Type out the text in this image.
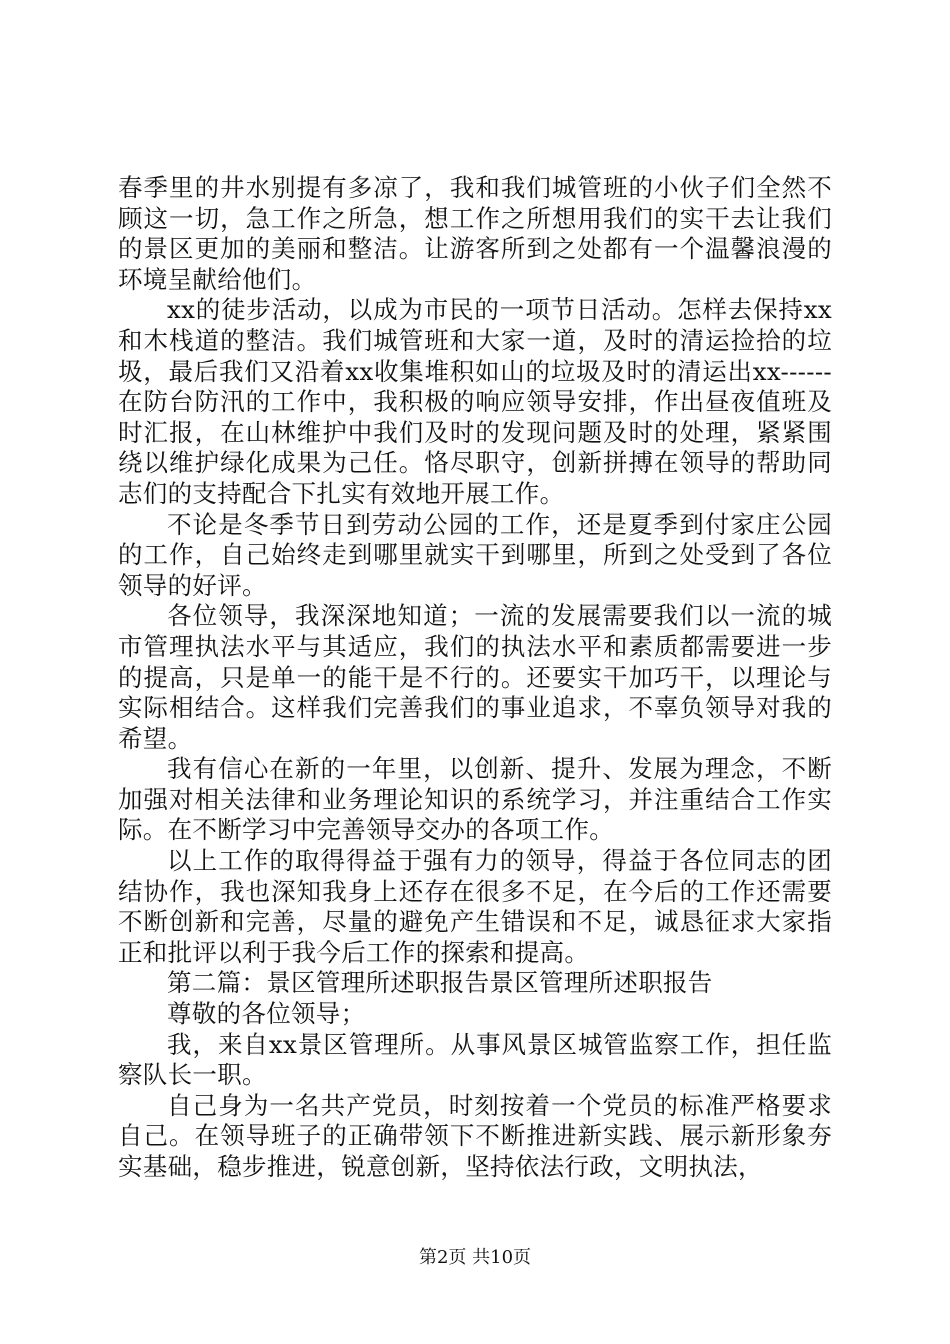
春季里的井水别提有多凉了，我和我们城管班的小伙子们全然不顾这一切，急工作之所急，想工作之所想用我们的实干去让我们的景区更加的美丽和整洁。让游客所到之处都有一个温馨浪漫的环境呈献给他们。

xx的徒步活动，以成为市民的一项节日活动。怎样去保持xx和木栈道的整洁。我们城管班和大家一道，及时的清运捡拾的垃圾，最后我们又沿着xx收集堆积如山的垃圾及时的清运出xx------在防台防汛的工作中，我积极的响应领导安排，作出昼夜值班及时汇报，在山林维护中我们及时的发现问题及时的处理，紧紧围绕以维护绿化成果为己任。恪尽职守，创新拼搏在领导的帮助同志们的支持配合下扎实有效地开展工作。

不论是冬季节日到劳动公园的工作，还是夏季到付家庄公园的工作，自己始终走到哪里就实干到哪里，所到之处受到了各位领导的好评。

各位领导，我深深地知道；一流的发展需要我们以一流的城市管理执法水平与其适应，我们的执法水平和素质都需要进一步的提高，只是单一的能干是不行的。还要实干加巧干，以理论与实际相结合。这样我们完善我们的事业追求，不辜负领导对我的希望。

我有信心在新的一年里，以创新、提升、发展为理念，不断加强对相关法律和业务理论知识的系统学习，并注重结合工作实际。在不断学习中完善领导交办的各项工作。

以上工作的取得得益于强有力的领导，得益于各位同志的团结协作，我也深知我身上还存在很多不足，在今后的工作还需要不断创新和完善，尽量的避免产生错误和不足，诚恳征求大家指正和批评以利于我今后工作的探索和提高。

第二篇：景区管理所述职报告景区管理所述职报告

尊敬的各位领导；

我，来自xx景区管理所。从事风景区城管监察工作，担任监察队长一职。

自己身为一名共产党员，时刻按着一个党员的标准严格要求自己。在领导班子的正确带领下不断推进新实践、展示新形象夯实基础，稳步推进，锐意创新，坚持依法行政，文明执法，

第2页 共10页
